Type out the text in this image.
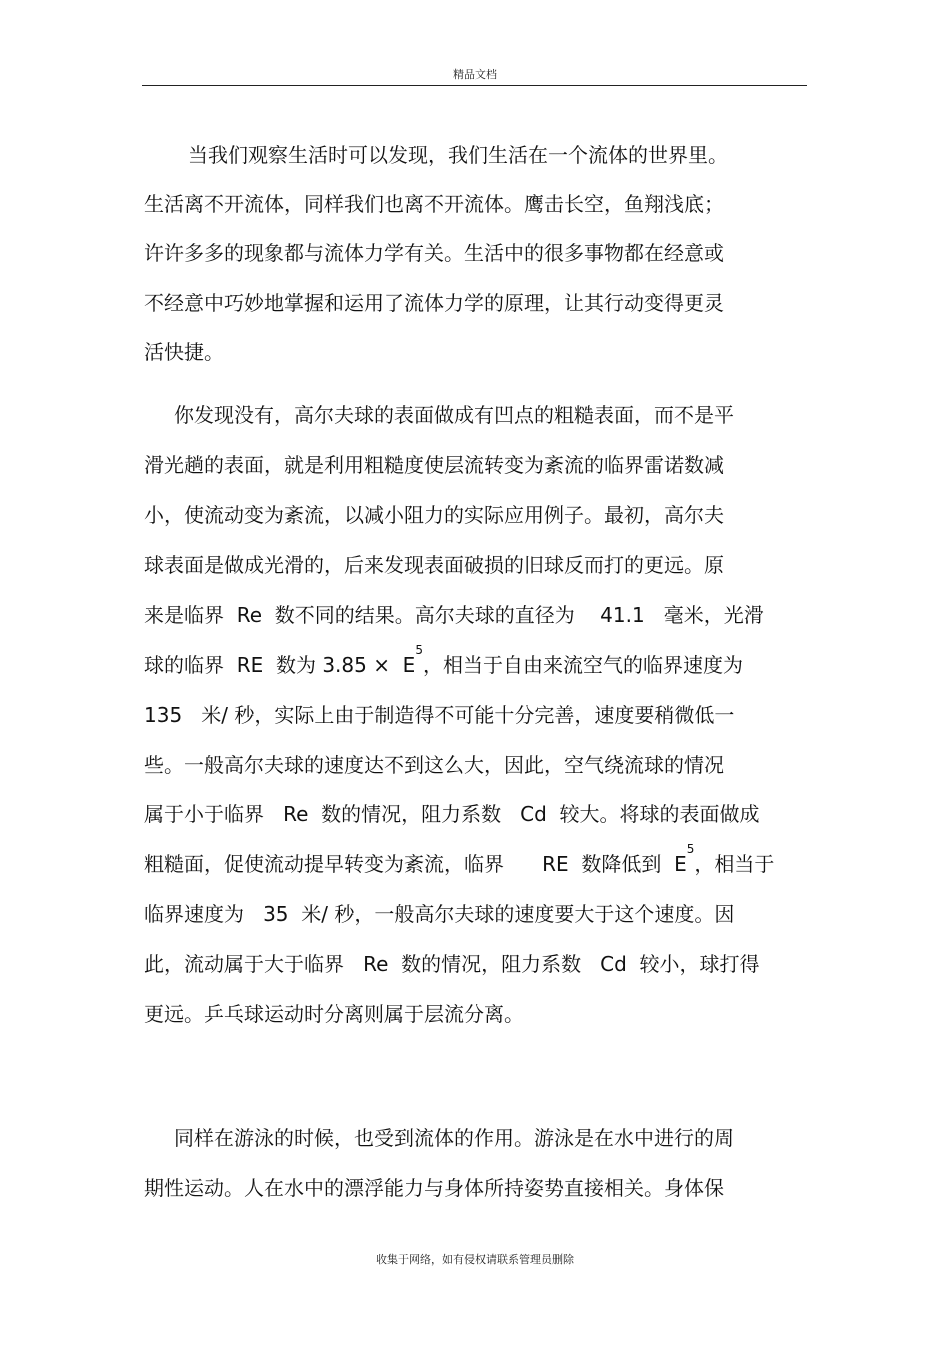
精品文档
当我们观察生活时可以发现，我们生活在一个流体的世界里。
生活离不开流体，同样我们也离不开流体。鹰击长空，鱼翔浅底；
许许多多的现象都与流体力学有关。生活中的很多事物都在经意或
不经意中巧妙地掌握和运用了流体力学的原理，让其行动变得更灵
活快捷。
你发现没有，高尔夫球的表面做成有凹点的粗糙表面，而不是平
滑光趟的表面，就是利用粗糙度使层流转变为紊流的临界雷诺数减
小，使流动变为紊流，以减小阻力的实际应用例子。最初，高尔夫
球表面是做成光滑的，后来发现表面破损的旧球反而打的更远。原
来是临界  Re  数不同的结果。高尔夫球的直径为    41.1   毫米，光滑
球的临界  RE  数为 $3.85 \times E^5$，相当于自由来流空气的临界速度为
135   米/ 秒，实际上由于制造得不可能十分完善，速度要稍微低一
些。一般高尔夫球的速度达不到这么大，因此，空气绕流球的情况
属于小于临界   Re  数的情况，阻力系数   Cd  较大。将球的表面做成
粗糙面，促使流动提早转变为紊流，临界      RE  数降低到  $E^5$，相当于
临界速度为   35  米/ 秒，一般高尔夫球的速度要大于这个速度。因
此，流动属于大于临界   Re  数的情况，阻力系数   Cd  较小，球打得
更远。乒乓球运动时分离则属于层流分离。
同样在游泳的时候，也受到流体的作用。游泳是在水中进行的周
期性运动。人在水中的漂浮能力与身体所持姿势直接相关。身体保
收集于网络，如有侵权请联系管理员删除
